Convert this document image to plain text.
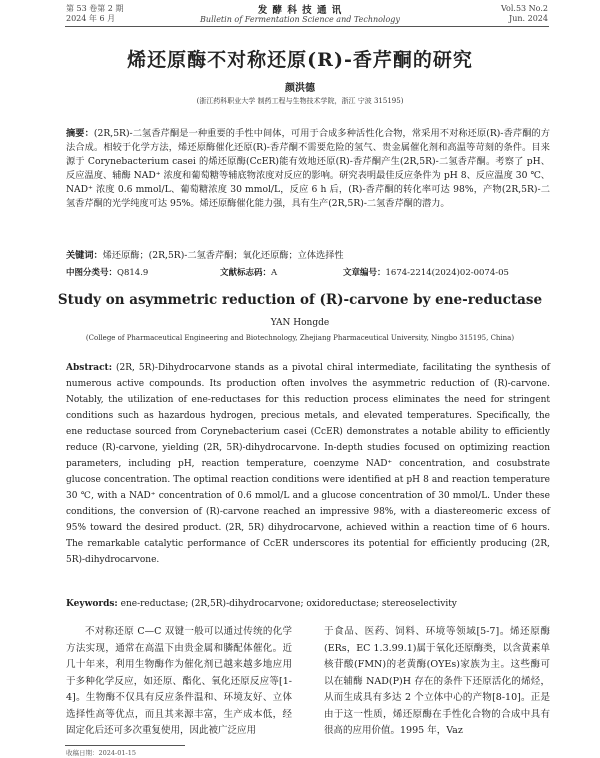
第 53 卷第 2 期
2024 年 6 月
发 酵 科 技 通 讯
Bulletin of Fermentation Science and Technology
Vol.53 No.2
Jun. 2024
烯还原酶不对称还原(R)-香芹酮的研究
颜洪德
(浙江药科职业大学 制药工程与生物技术学院，浙江 宁波 315195)

摘要：(2R,5R)-二氢香芹酮是一种重要的手性中间体，可用于合成多种活性化合物，常采用不对称还原(R)-香芹酮的方法合成。相较于化学方法，烯还原酶催化还原(R)-香芹酮不需要危险的氢气、贵金属催化剂和高温等苛刻的条件。目来源于 Corynebacterium casei 的烯还原酶(CcER)能有效地还原(R)-香芹酮产生(2R,5R)-二氢香芹酮。考察了 pH、反应温度、辅酶 NAD⁺ 浓度和葡萄糖等辅底物浓度对反应的影响。研究表明最佳反应条件为 pH 8、反应温度 30 ℃、NAD⁺ 浓度 0.6 mmol/L、葡萄糖浓度 30 mmol/L，反应 6 h 后，(R)-香芹酮的转化率可达 98%，产物(2R,5R)-二氢香芹酮的光学纯度可达 95%。烯还原酶催化能力强，具有生产(2R,5R)-二氢香芹酮的潜力。

关键词：烯还原酶；(2R,5R)-二氢香芹酮；氧化还原酶；立体选择性

中图分类号：Q814.9	文献标志码：A	文章编号：1674-2214(2024)02-0074-05
Study on asymmetric reduction of (R)-carvone by ene-reductase
YAN Hongde
(College of Pharmaceutical Engineering and Biotechnology, Zhejiang Pharmaceutical University, Ningbo 315195, China)

Abstract: (2R, 5R)-Dihydrocarvone stands as a pivotal chiral intermediate, facilitating the synthesis of numerous active compounds. Its production often involves the asymmetric reduction of (R)-carvone. Notably, the utilization of ene-reductases for this reduction process eliminates the need for stringent conditions such as hazardous hydrogen, precious metals, and elevated temperatures. Specifically, the ene reductase sourced from Corynebacterium casei (CcER) demonstrates a notable ability to efficiently reduce (R)-carvone, yielding (2R, 5R)-dihydrocarvone. In-depth studies focused on optimizing reaction parameters, including pH, reaction temperature, coenzyme NAD⁺ concentration, and cosubstrate glucose concentration. The optimal reaction conditions were identified at pH 8 and reaction temperature 30 ℃, with a NAD⁺ concentration of 0.6 mmol/L and a glucose concentration of 30 mmol/L. Under these conditions, the conversion of (R)-carvone reached an impressive 98%, with a diastereomeric excess of 95% toward the desired product. (2R, 5R) dihydrocarvone, achieved within a reaction time of 6 hours. The remarkable catalytic performance of CcER underscores its potential for efficiently producing (2R, 5R)-dihydrocarvone.

Keywords: ene-reductase; (2R,5R)-dihydrocarvone; oxidoreductase; stereoselectivity

不对称还原 C—C 双键一般可以通过传统的化学方法实现，通常在高温下由贵金属和膦配体催化。近几十年来，利用生物酶作为催化剂已越来越多地应用于多种化学反应，如还原、酯化、氧化还原反应等[1-4]。生物酶不仅具有反应条件温和、环境友好、立体选择性高等优点，而且其来源丰富，生产成本低，经固定化后还可多次重复使用，因此被广泛应用

于食品、医药、饲料、环境等领域[5-7]。烯还原酶(ERs，EC 1.3.99.1)属于氧化还原酶类，以含黄素单核苷酸(FMN)的老黄酶(OYEs)家族为主。这些酶可以在辅酶 NAD(P)H 存在的条件下还原活化的烯烃，从而生成具有多达 2 个立体中心的产物[8-10]。正是由于这一性质，烯还原酶在手性化合物的合成中具有很高的应用价值。1995 年，Vaz

收稿日期：2024-01-15
